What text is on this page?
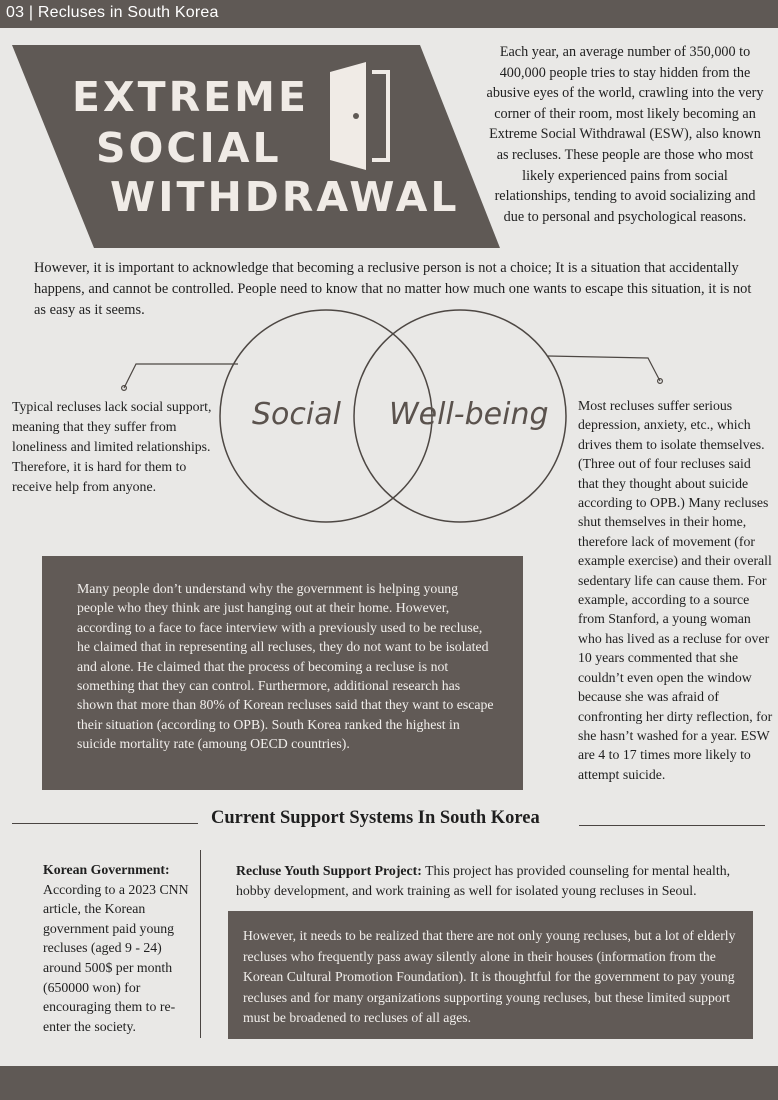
03 | Recluses in South Korea
EXTREME
SOCIAL
WITHDRAWAL
Each year, an average number of 350,000 to 400,000 people tries to stay hidden from the abusive eyes of the world, crawling into the very corner of their room, most likely becoming an Extreme Social Withdrawal (ESW), also known as recluses. These people are those who most likely experienced pains from social relationships, tending to avoid socializing and due to personal and psychological reasons.
However, it is important to acknowledge that becoming a reclusive person is not a choice; It is a situation that accidentally happens, and cannot be controlled. People need to know that no matter how much one wants to escape this situation, it is not as easy as it seems.
Social Well-being
Typical recluses lack social support, meaning that they suffer from loneliness and limited relationships. Therefore, it is hard for them to receive help from anyone.
Most recluses suffer serious depression, anxiety, etc., which drives them to isolate themselves. (Three out of four recluses said that they thought about suicide according to OPB.) Many recluses shut themselves in their home, therefore lack of movement (for example exercise) and their overall sedentary life can cause them. For example, according to a source from Stanford, a young woman who has lived as a recluse for over 10 years commented that she couldn’t even open the window because she was afraid of confronting her dirty reflection, for she hasn’t washed for a year. ESW are 4 to 17 times more likely to attempt suicide.
Many people don’t understand why the government is helping young people who they think are just hanging out at their home. However, according to a face to face interview with a previously used to be recluse, he claimed that in representing all recluses, they do not want to be isolated and alone. He claimed that the process of becoming a recluse is not something that they can control. Furthermore, additional research has shown that more than 80% of Korean recluses said that they want to escape their situation (according to OPB). South Korea ranked the highest in suicide mortality rate (amoung OECD countries).
Current Support Systems In South Korea
Korean Government:
According to a 2023 CNN article, the Korean government paid young recluses (aged 9 - 24) around 500$ per month (650000 won) for encouraging them to re-enter the society.
Recluse Youth Support Project: This project has provided counseling for mental health, hobby development, and work training as well for isolated young recluses in Seoul.
However, it needs to be realized that there are not only young recluses, but a lot of elderly recluses who frequently pass away silently alone in their houses (information from the Korean Cultural Promotion Foundation). It is thoughtful for the government to pay young recluses and for many organizations supporting young recluses, but these limited support must be broadened to recluses of all ages.
